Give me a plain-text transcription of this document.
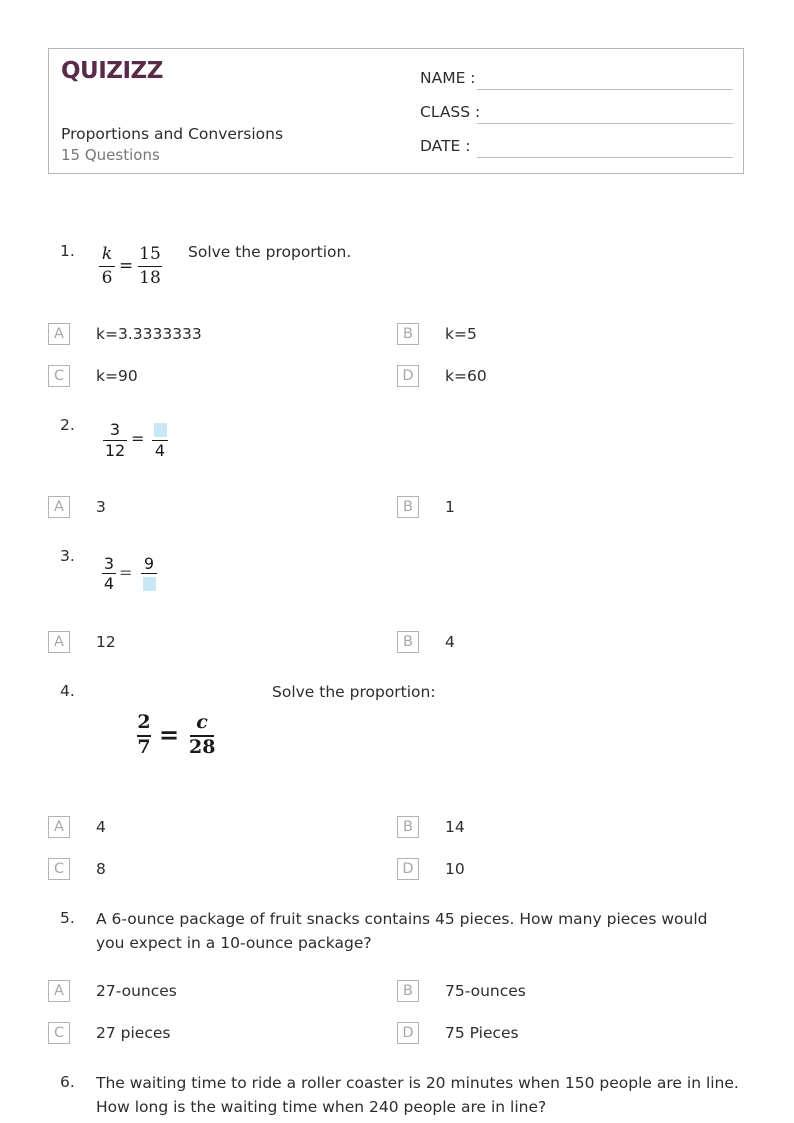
QUIZIZZ
Proportions and Conversions
15 Questions
NAME :
CLASS :
DATE :
1. k
6
=
15
18
Solve the proportion.
A	k=3.3333333	B	k=5
C	k=90	D	k=60
2.	3
12
=
4
A	3	B	1
3. 3
4
= 9
A	12	B	4
4.	Solve the proportion:
2
7 = c
28
A	4	B	14
C	8	D	10
5. A 6-ounce package of fruit snacks contains 45 pieces. How many pieces would you expect in a 10-ounce package?
A	27-ounces	B	75-ounces
C	27 pieces	D	75 Pieces
6. The waiting time to ride a roller coaster is 20 minutes when 150 people are in line. How long is the waiting time when 240 people are in line?
